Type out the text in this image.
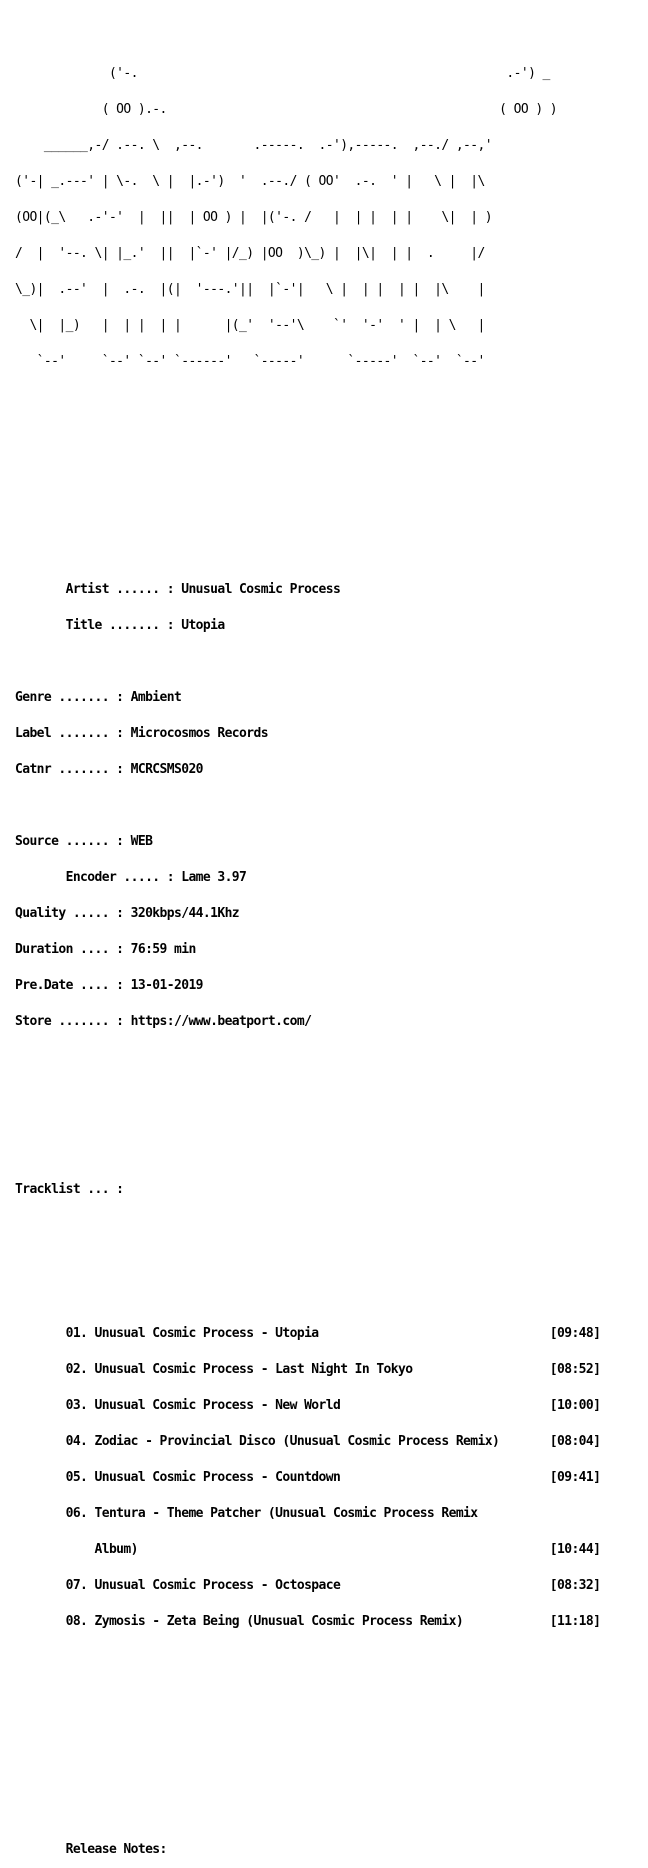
('-.                                                   .-') _

( OO ).-.                                              ( OO ) )

______,-/ .--. \  ,--.       .-----.  .-'),-----.  ,--./ ,--,'

('-| _.---' | \-.  \ |  |.-')  '  .--./ ( OO'  .-.  ' |   \ |  |\

(OO|(_\   .-'-'  |  ||  | OO ) |  |('-. /   |  | |  | |    \|  | )

/  |  '--. \| |_.'  ||  |`-' |/_) |OO  )\_) |  |\|  | |  .     |/

\_)|  .--'  |  .-.  |(|  '---.'||  |`-'|   \ |  | |  | |  |\    |

\|  |_)   |  | |  | |      |(_'  '--'\    `'  '-'  ' |  | \   |

`--'     `--' `--' `------'   `-----'      `-----'  `--'  `--'

Artist ...... : Unusual Cosmic Process

Title ....... : Utopia

Genre ....... : Ambient

Label ....... : Microcosmos Records

Catnr ....... : MCRCSMS020

Source ...... : WEB

Encoder ..... : Lame 3.97

Quality ..... : 320kbps/44.1Khz

Duration .... : 76:59 min

Pre.Date .... : 13-01-2019

Store ....... : https://www.beatport.com/

Tracklist ... :

01. Unusual Cosmic Process - Utopia                                [09:48]

02. Unusual Cosmic Process - Last Night In Tokyo                   [08:52]

03. Unusual Cosmic Process - New World                             [10:00]

04. Zodiac - Provincial Disco (Unusual Cosmic Process Remix)       [08:04]

05. Unusual Cosmic Process - Countdown                             [09:41]

06. Tentura - Theme Patcher (Unusual Cosmic Process Remix

Album)                                                         [10:44]

07. Unusual Cosmic Process - Octospace                             [08:32]

08. Zymosis - Zeta Being (Unusual Cosmic Process Remix)            [11:18]

Release Notes:
